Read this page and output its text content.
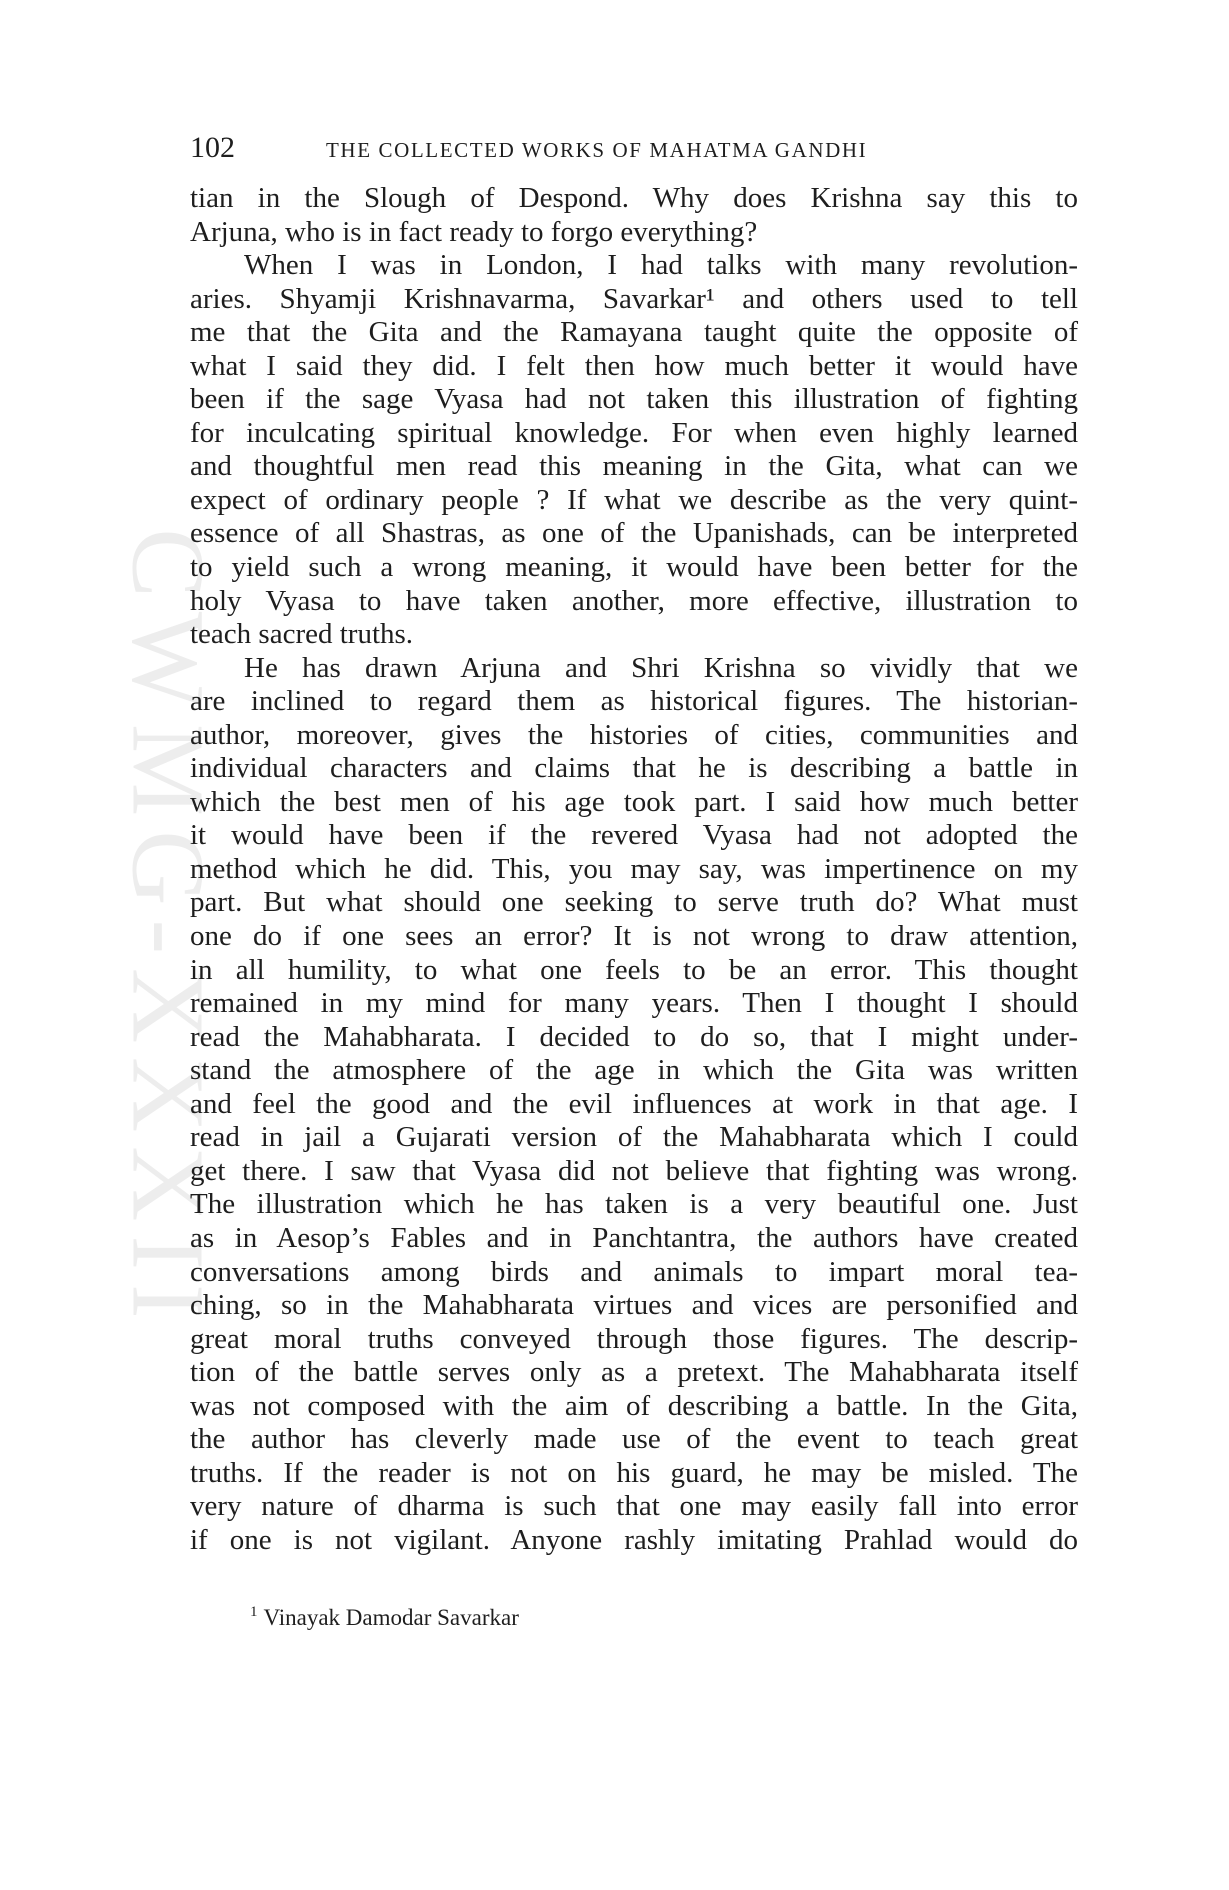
CWMG-XXXII
102	THE COLLECTED WORKS OF MAHATMA GANDHI
tian in the Slough of Despond. Why does Krishna say this to
Arjuna, who is in fact ready to forgo everything?
When I was in London, I had talks with many revolution-
aries. Shyamji Krishnavarma, Savarkar¹ and others used to tell
me that the Gita and the Ramayana taught quite the opposite of
what I said they did. I felt then how much better it would have
been if the sage Vyasa had not taken this illustration of fighting
for inculcating spiritual knowledge. For when even highly learned
and thoughtful men read this meaning in the Gita, what can we
expect of ordinary people ? If what we describe as the very quint-
essence of all Shastras, as one of the Upanishads, can be interpreted
to yield such a wrong meaning, it would have been better for the
holy Vyasa to have taken another, more effective, illustration to
teach sacred truths.
He has drawn Arjuna and Shri Krishna so vividly that we
are inclined to regard them as historical figures. The historian-
author, moreover, gives the histories of cities, communities and
individual characters and claims that he is describing a battle in
which the best men of his age took part. I said how much better
it would have been if the revered Vyasa had not adopted the
method which he did. This, you may say, was impertinence on my
part. But what should one seeking to serve truth do? What must
one do if one sees an error? It is not wrong to draw attention,
in all humility, to what one feels to be an error. This thought
remained in my mind for many years. Then I thought I should
read the Mahabharata. I decided to do so, that I might under-
stand the atmosphere of the age in which the Gita was written
and feel the good and the evil influences at work in that age. I
read in jail a Gujarati version of the Mahabharata which I could
get there. I saw that Vyasa did not believe that fighting was wrong.
The illustration which he has taken is a very beautiful one. Just
as in Aesop’s Fables and in Panchtantra, the authors have created
conversations among birds and animals to impart moral tea-
ching, so in the Mahabharata virtues and vices are personified and
great moral truths conveyed through those figures. The descrip-
tion of the battle serves only as a pretext. The Mahabharata itself
was not composed with the aim of describing a battle. In the Gita,
the author has cleverly made use of the event to teach great
truths. If the reader is not on his guard, he may be misled. The
very nature of dharma is such that one may easily fall into error
if one is not vigilant. Anyone rashly imitating Prahlad would do
$^1$ Vinayak Damodar Savarkar
